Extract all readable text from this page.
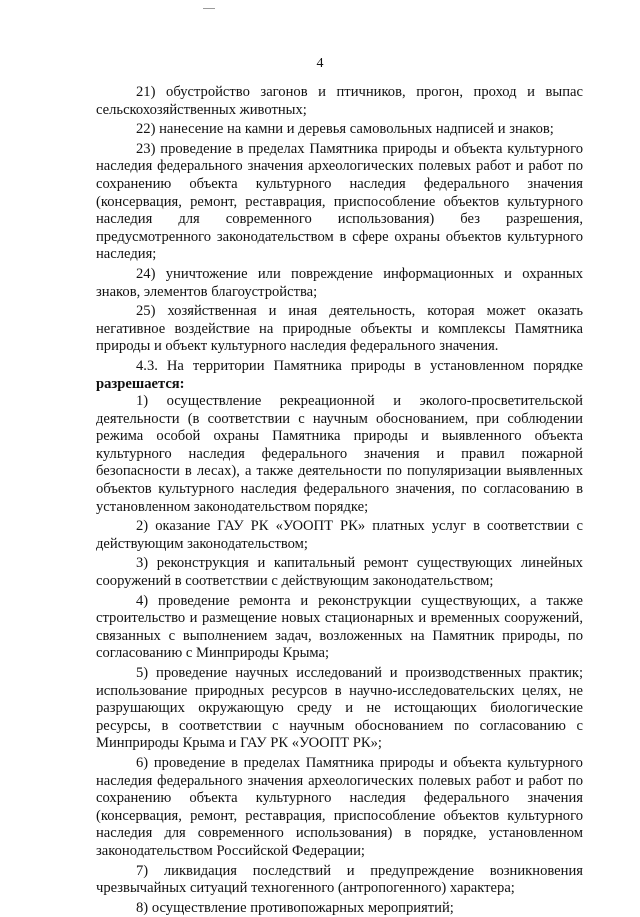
4

21) обустройство загонов и птичников, прогон, проход и выпас сельскохозяйственных животных;

22) нанесение на камни и деревья самовольных надписей и знаков;

23) проведение в пределах Памятника природы и объекта культурного наследия федерального значения археологических полевых работ и работ по сохранению объекта культурного наследия федерального значения (консервация, ремонт, реставрация, приспособление объектов культурного наследия для современного использования) без разрешения, предусмотренного законодательством в сфере охраны объектов культурного наследия;

24) уничтожение или повреждение информационных и охранных знаков, элементов благоустройства;

25) хозяйственная и иная деятельность, которая может оказать негативное воздействие на природные объекты и комплексы Памятника природы и объект культурного наследия федерального значения.

4.3. На территории Памятника природы в установленном порядке разрешается:

1) осуществление рекреационной и эколого-просветительской деятельности (в соответствии с научным обоснованием, при соблюдении режима особой охраны Памятника природы и выявленного объекта культурного наследия федерального значения и правил пожарной безопасности в лесах), а также деятельности по популяризации выявленных объектов культурного наследия федерального значения, по согласованию в установленном законодательством порядке;

2) оказание ГАУ РК «УООПТ РК» платных услуг в соответствии с действующим законодательством;

3) реконструкция и капитальный ремонт существующих линейных сооружений в соответствии с действующим законодательством;

4) проведение ремонта и реконструкции существующих, а также строительство и размещение новых стационарных и временных сооружений, связанных с выполнением задач, возложенных на Памятник природы, по согласованию с Минприроды Крыма;

5) проведение научных исследований и производственных практик; использование природных ресурсов в научно-исследовательских целях, не разрушающих окружающую среду и не истощающих биологические ресурсы, в соответствии с научным обоснованием по согласованию с Минприроды Крыма и ГАУ РК «УООПТ РК»;

6) проведение в пределах Памятника природы и объекта культурного наследия федерального значения археологических полевых работ и работ по сохранению объекта культурного наследия федерального значения (консервация, ремонт, реставрация, приспособление объектов культурного наследия для современного использования) в порядке, установленном законодательством Российской Федерации;

7) ликвидация последствий и предупреждение возникновения чрезвычайных ситуаций техногенного (антропогенного) характера;

8) осуществление противопожарных мероприятий;
